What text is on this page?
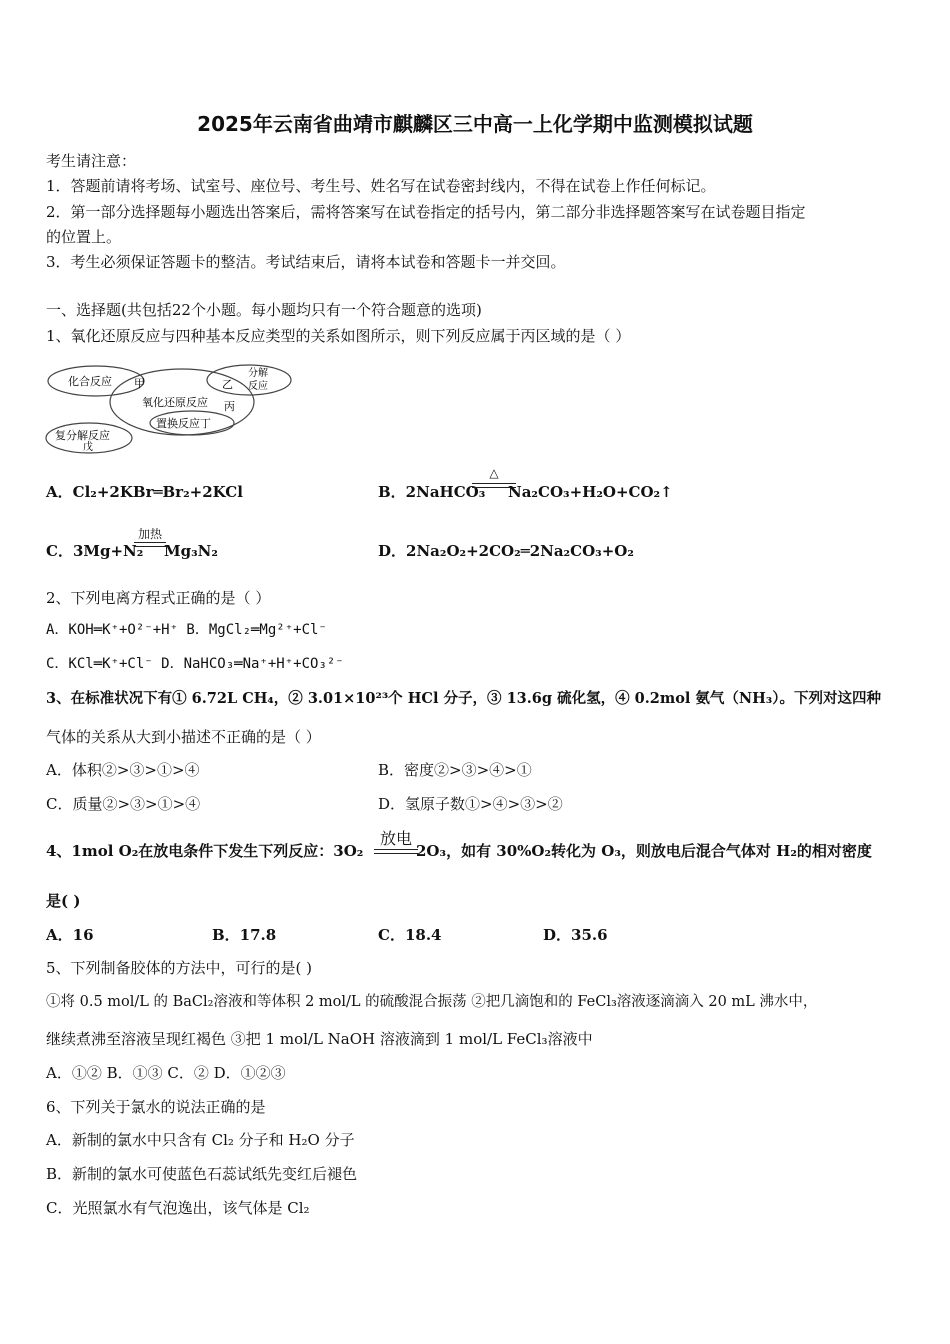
2025年云南省曲靖市麒麟区三中高一上化学期中监测模拟试题
考生请注意：
1．答题前请将考场、试室号、座位号、考生号、姓名写在试卷密封线内，不得在试卷上作任何标记。
2．第一部分选择题每小题选出答案后，需将答案写在试卷指定的括号内，第二部分非选择题答案写在试卷题目指定
的位置上。
3．考生必须保证答题卡的整洁。考试结束后，请将本试卷和答题卡一并交回。
一、选择题(共包括22个小题。每小题均只有一个符合题意的选项)
1、氧化还原反应与四种基本反应类型的关系如图所示，则下列反应属于丙区域的是（ ）
化合反应 甲
分解
反应
乙
氧化还原反应 丙
置换反应丁
复分解反应
戊
A．Cl₂+2KBr═Br₂+2KCl	B．2NaHCO₃
△
Na₂CO₃+H₂O+CO₂↑
C．3Mg+N₂
加热
Mg₃N₂	D．2Na₂O₂+2CO₂═2Na₂CO₃+O₂
2、下列电离方程式正确的是（ ）
A．KOH═K⁺+O²⁻+H⁺ B．MgCl₂═Mg²⁺+Cl⁻
C．KCl═K⁺+Cl⁻ D．NaHCO₃═Na⁺+H⁺+CO₃²⁻
3、在标准状况下有① 6.72L CH₄，② 3.01×10²³个 HCl 分子，③ 13.6g 硫化氢，④ 0.2mol 氨气（NH₃）。下列对这四种
气体的关系从大到小描述不正确的是（ ）
A．体积②>③>①>④	B．密度②>③>④>①
C．质量②>③>①>④	D．氢原子数①>④>③>②
4、1mol O₂在放电条件下发生下列反应：3O₂
放电
2O₃，如有 30%O₂转化为 O₃，则放电后混合气体对 H₂的相对密度
是( )
A．16	B．17.8	C．18.4	D．35.6
5、下列制备胶体的方法中，可行的是( )
①将 0.5 mol/L 的 BaCl₂溶液和等体积 2 mol/L 的硫酸混合振荡 ②把几滴饱和的 FeCl₃溶液逐滴滴入 20 mL 沸水中，
继续煮沸至溶液呈现红褐色 ③把 1 mol/L NaOH 溶液滴到 1 mol/L FeCl₃溶液中
A．①② B．①③ C．② D．①②③
6、下列关于氯水的说法正确的是
A．新制的氯水中只含有 Cl₂ 分子和 H₂O 分子
B．新制的氯水可使蓝色石蕊试纸先变红后褪色
C．光照氯水有气泡逸出，该气体是 Cl₂
